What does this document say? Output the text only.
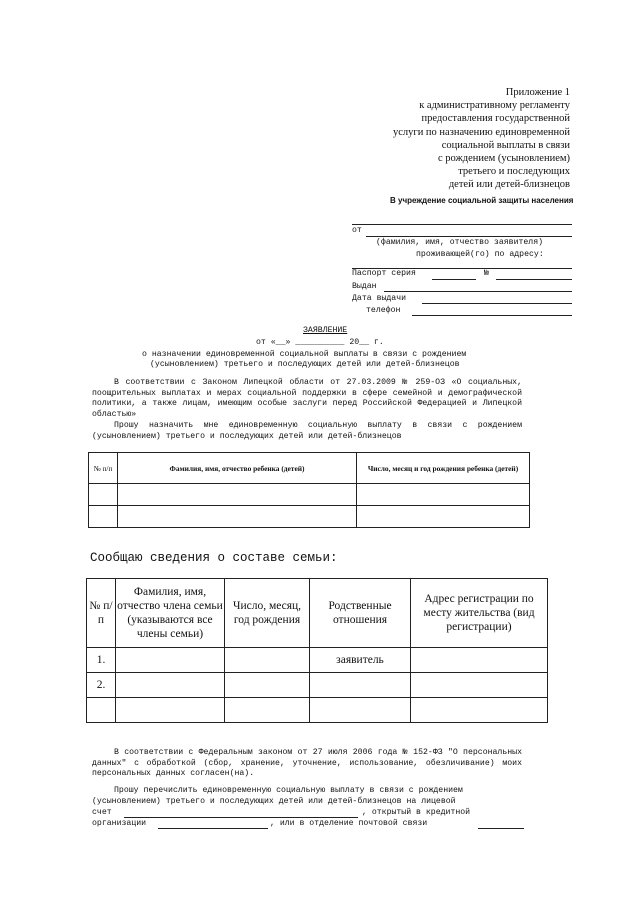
Приложение 1
к административному регламенту
предоставления государственной
услуги по назначению единовременной
социальной выплаты в связи
с рождением (усыновлением)
третьего и последующих
детей или детей-близнецов
В учреждение социальной защиты населения
от
(фамилия, имя, отчество заявителя)
проживающей(го) по адресу:
Паспорт серия	№
Выдан
Дата выдачи
телефон
ЗАЯВЛЕНИЕ
от «__» __________ 20__ г.
о назначении единовременной социальной выплаты в связи с рождением
(усыновлением) третьего и последующих детей или детей-близнецов
В соответствии с Законом Липецкой области от 27.03.2009 № 259-ОЗ «О социальных, поощрительных выплатах и мерах социальной поддержки в сфере семейной и демографической политики, а также лицам, имеющим особые заслуги перед Российской Федерацией и Липецкой областью»
Прошу назначить мне единовременную социальную выплату в связи с рождением (усыновлением) третьего и последующих детей или детей-близнецов
№ п/п	Фамилия, имя, отчество ребенка (детей)	Число, месяц и год рождения ребенка (детей)

Сообщаю сведения о составе семьи:
№ п/п	Фамилия, имя, отчество члена семьи (указываются все члены семьи)	Число, месяц, год рождения	Родственные отношения	Адрес регистрации по месту жительства (вид регистрации)
1.			заявитель	
2.				

В соответствии с Федеральным законом от 27 июля 2006 года № 152-ФЗ "О персональных данных" с обработкой (сбор, хранение, уточнение, использование, обезличивание) моих персональных данных согласен(на).
Прошу перечислить единовременную социальную выплату в связи с рождением
(усыновлением) третьего и последующих детей или детей-близнецов на лицевой
счет	, открытый в кредитной
организации	, или в отделение почтовой связи
